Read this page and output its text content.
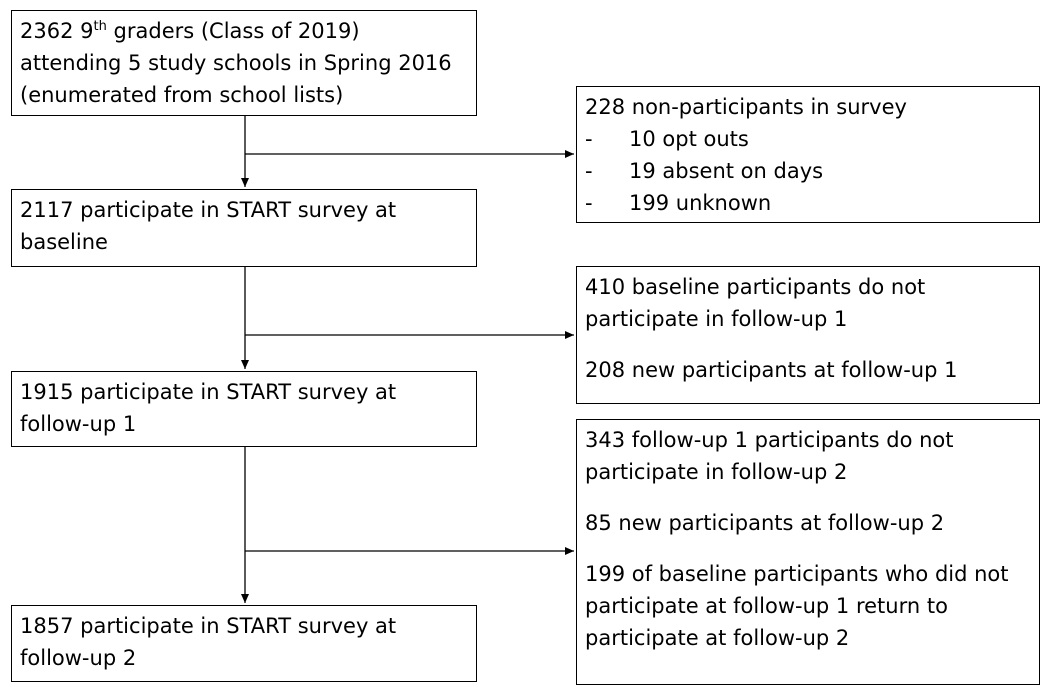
2362 9th graders (Class of 2019)
attending 5 study schools in Spring 2016
(enumerated from school lists)
2117 participate in START survey at
baseline
1915 participate in START survey at
follow-up 1
1857 participate in START survey at
follow-up 2
228 non-participants in survey
- 10 opt outs
- 19 absent on days
- 199 unknown
410 baseline participants do not
participate in follow-up 1
208 new participants at follow-up 1
343 follow-up 1 participants do not
participate in follow-up 2
85 new participants at follow-up 2
199 of baseline participants who did not
participate at follow-up 1 return to
participate at follow-up 2
